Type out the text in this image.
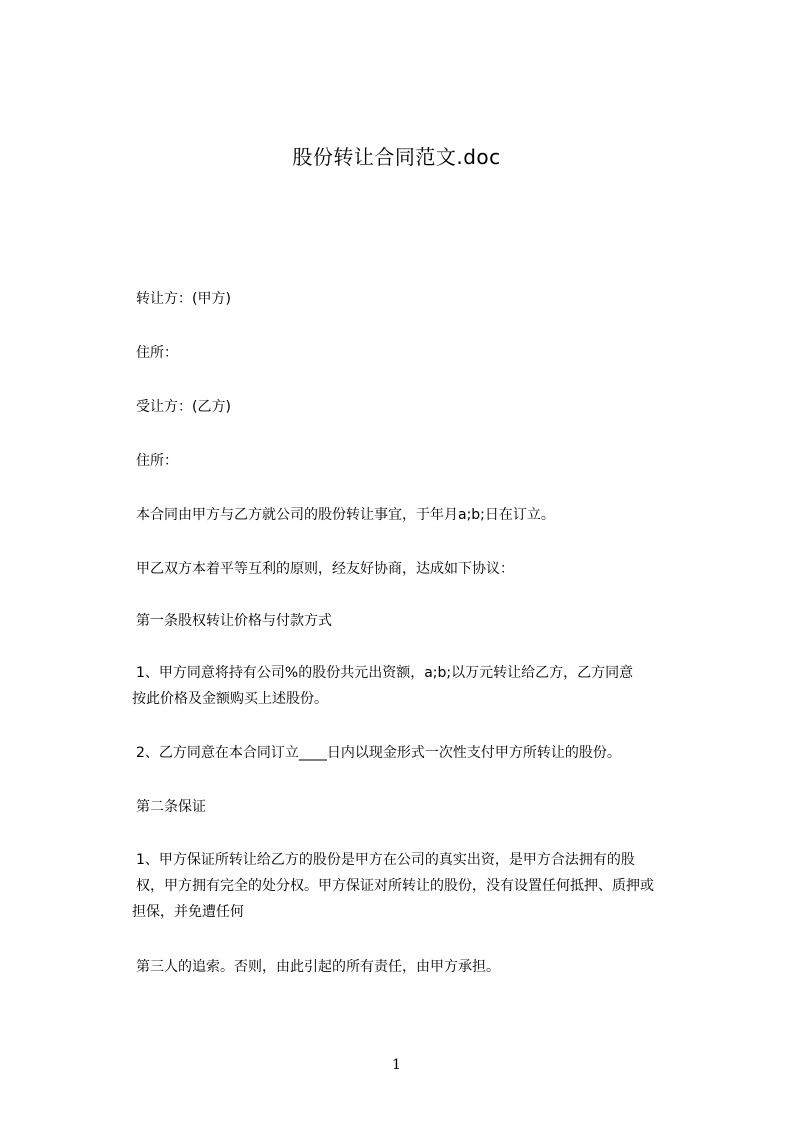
股份转让合同范文.doc
转让方：(甲方)
住所：
受让方：(乙方)
住所：
本合同由甲方与乙方就公司的股份转让事宜，于年月a;b;日在订立。
甲乙双方本着平等互利的原则，经友好协商，达成如下协议：
第一条股权转让价格与付款方式
1、甲方同意将持有公司%的股份共元出资额，a;b;以万元转让给乙方，乙方同意
按此价格及金额购买上述股份。
2、乙方同意在本合同订立____日内以现金形式一次性支付甲方所转让的股份。
第二条保证
1、甲方保证所转让给乙方的股份是甲方在公司的真实出资，是甲方合法拥有的股
权，甲方拥有完全的处分权。甲方保证对所转让的股份，没有设置任何抵押、质押或
担保，并免遭任何
第三人的追索。否则，由此引起的所有责任，由甲方承担。
1
